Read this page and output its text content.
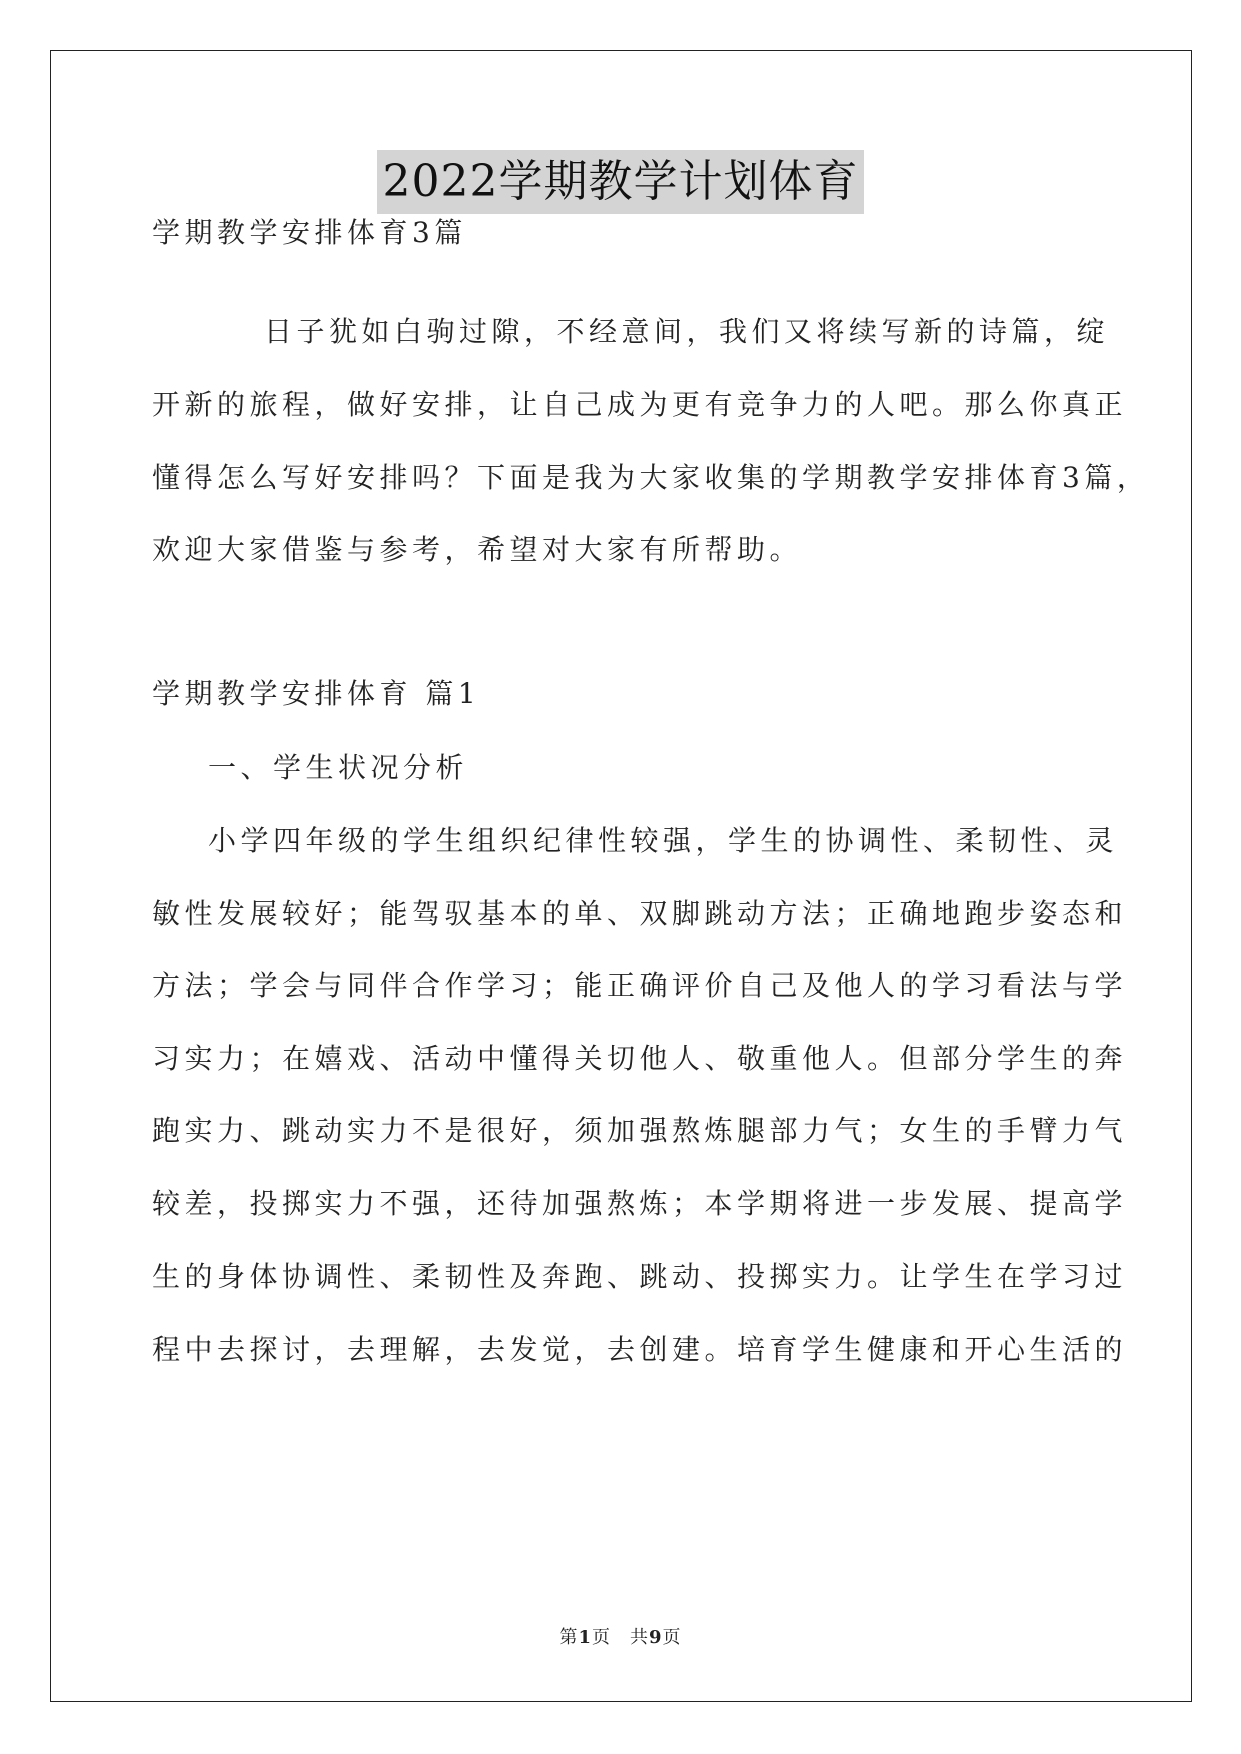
2022学期教学计划体育
学期教学安排体育3篇
日子犹如白驹过隙，不经意间，我们又将续写新的诗篇，绽
开新的旅程，做好安排，让自己成为更有竞争力的人吧。那么你真正
懂得怎么写好安排吗？下面是我为大家收集的学期教学安排体育3篇，
欢迎大家借鉴与参考，希望对大家有所帮助。
学期教学安排体育 篇1
一、学生状况分析
小学四年级的学生组织纪律性较强，学生的协调性、柔韧性、灵
敏性发展较好；能驾驭基本的单、双脚跳动方法；正确地跑步姿态和
方法；学会与同伴合作学习；能正确评价自己及他人的学习看法与学
习实力；在嬉戏、活动中懂得关切他人、敬重他人。但部分学生的奔
跑实力、跳动实力不是很好，须加强熬炼腿部力气；女生的手臂力气
较差，投掷实力不强，还待加强熬炼；本学期将进一步发展、提高学
生的身体协调性、柔韧性及奔跑、跳动、投掷实力。让学生在学习过
程中去探讨，去理解，去发觉，去创建。培育学生健康和开心生活的
第1页　共9页
